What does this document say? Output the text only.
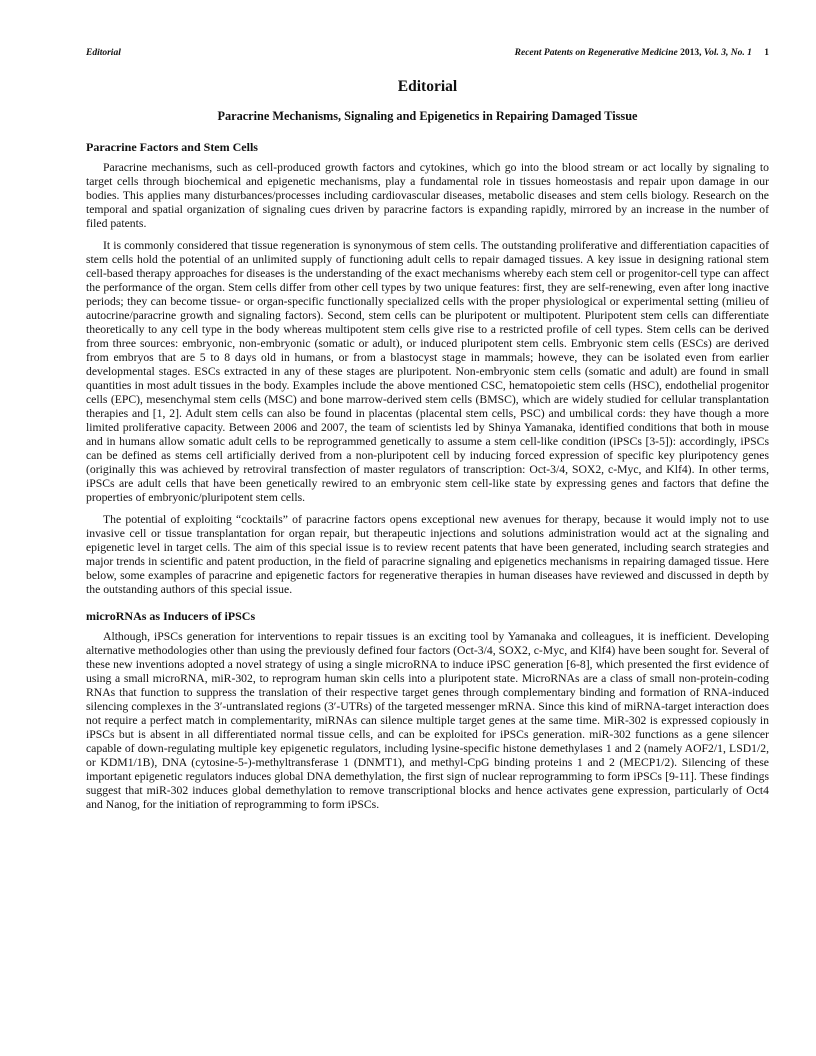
Editorial	Recent Patents on Regenerative Medicine 2013, Vol. 3, No. 1 1
Editorial
Paracrine Mechanisms, Signaling and Epigenetics in Repairing Damaged Tissue
Paracrine Factors and Stem Cells

Paracrine mechanisms, such as cell-produced growth factors and cytokines, which go into the blood stream or act locally by signaling to target cells through biochemical and epigenetic mechanisms, play a fundamental role in tissues homeostasis and repair upon damage in our bodies. This applies many disturbances/processes including cardiovascular diseases, metabolic diseases and stem cells biology. Research on the temporal and spatial organization of signaling cues driven by paracrine factors is expanding rapidly, mirrored by an increase in the number of filed patents.

It is commonly considered that tissue regeneration is synonymous of stem cells. The outstanding proliferative and differentiation capacities of stem cells hold the potential of an unlimited supply of functioning adult cells to repair damaged tissues. A key issue in designing rational stem cell-based therapy approaches for diseases is the understanding of the exact mechanisms whereby each stem cell or progenitor-cell type can affect the performance of the organ. Stem cells differ from other cell types by two unique features: first, they are self-renewing, even after long inactive periods; they can become tissue- or organ-specific functionally specialized cells with the proper physiological or experimental setting (milieu of autocrine/paracrine growth and signaling factors). Second, stem cells can be pluripotent or multipotent. Pluripotent stem cells can differentiate theoretically to any cell type in the body whereas multipotent stem cells give rise to a restricted profile of cell types. Stem cells can be derived from three sources: embryonic, non-embryonic (somatic or adult), or induced pluripotent stem cells. Embryonic stem cells (ESCs) are derived from embryos that are 5 to 8 days old in humans, or from a blastocyst stage in mammals; howeve, they can be isolated even from earlier developmental stages. ESCs extracted in any of these stages are pluripotent. Non-embryonic stem cells (somatic and adult) are found in small quantities in most adult tissues in the body. Examples include the above mentioned CSC, hematopoietic stem cells (HSC), endothelial progenitor cells (EPC), mesenchymal stem cells (MSC) and bone marrow-derived stem cells (BMSC), which are widely studied for cellular transplantation therapies and [1, 2]. Adult stem cells can also be found in placentas (placental stem cells, PSC) and umbilical cords: they have though a more limited proliferative capacity. Between 2006 and 2007, the team of scientists led by Shinya Yamanaka, identified conditions that both in mouse and in humans allow somatic adult cells to be reprogrammed genetically to assume a stem cell-like condition (iPSCs [3-5]): accordingly, iPSCs can be defined as stems cell artificially derived from a non-pluripotent cell by inducing forced expression of specific key pluripotency genes (originally this was achieved by retroviral transfection of master regulators of transcription: Oct-3/4, SOX2, c-Myc, and Klf4). In other terms, iPSCs are adult cells that have been genetically rewired to an embryonic stem cell-like state by expressing genes and factors that define the properties of embryonic/pluripotent stem cells.

The potential of exploiting “cocktails” of paracrine factors opens exceptional new avenues for therapy, because it would imply not to use invasive cell or tissue transplantation for organ repair, but therapeutic injections and solutions administration would act at the signaling and epigenetic level in target cells. The aim of this special issue is to review recent patents that have been generated, including search strategies and major trends in scientific and patent production, in the field of paracrine signaling and epigenetics mechanisms in repairing damaged tissue. Here below, some examples of paracrine and epigenetic factors for regenerative therapies in human diseases have reviewed and discussed in depth by the outstanding authors of this special issue.

microRNAs as Inducers of iPSCs

Although, iPSCs generation for interventions to repair tissues is an exciting tool by Yamanaka and colleagues, it is inefficient. Developing alternative methodologies other than using the previously defined four factors (Oct-3/4, SOX2, c-Myc, and Klf4) have been sought for. Several of these new inventions adopted a novel strategy of using a single microRNA to induce iPSC generation [6-8], which presented the first evidence of using a small microRNA, miR-302, to reprogram human skin cells into a pluripotent state. MicroRNAs are a class of small non-protein-coding RNAs that function to suppress the translation of their respective target genes through complementary binding and formation of RNA-induced silencing complexes in the 3′-untranslated regions (3′-UTRs) of the targeted messenger mRNA. Since this kind of miRNA-target interaction does not require a perfect match in complementarity, miRNAs can silence multiple target genes at the same time. MiR-302 is expressed copiously in iPSCs but is absent in all differentiated normal tissue cells, and can be exploited for iPSCs generation. miR-302 functions as a gene silencer capable of down-regulating multiple key epigenetic regulators, including lysine-specific histone demethylases 1 and 2 (namely AOF2/1, LSD1/2, or KDM1/1B), DNA (cytosine-5-)-methyltransferase 1 (DNMT1), and methyl-CpG binding proteins 1 and 2 (MECP1/2). Silencing of these important epigenetic regulators induces global DNA demethylation, the first sign of nuclear reprogramming to form iPSCs [9-11]. These findings suggest that miR-302 induces global demethylation to remove transcriptional blocks and hence activates gene expression, particularly of Oct4 and Nanog, for the initiation of reprogramming to form iPSCs.
